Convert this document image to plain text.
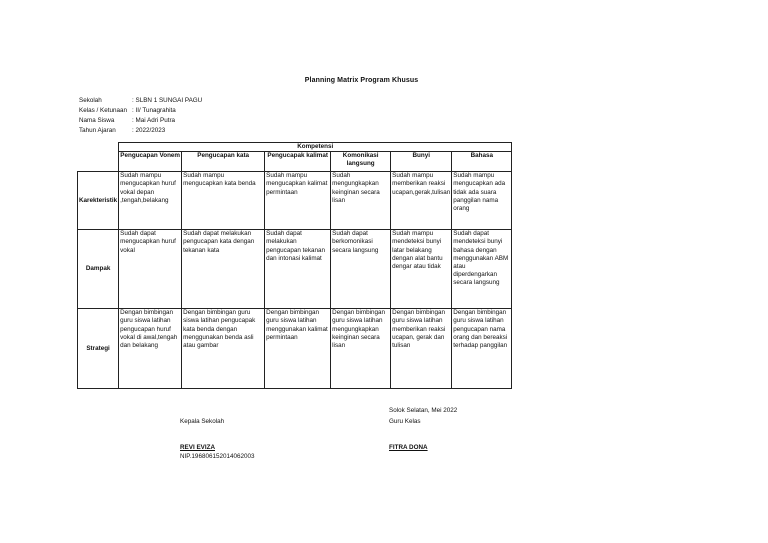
Planning Matrix Program Khusus
Sekolah	: SLBN 1 SUNGAI PAGU
Kelas / Ketunaan : II/ Tunagrahita
Nama Siswa	: Mai Adri Putra
Tahun Ajaran	: 2022/2023
	Kompetensi					
	Pengucapan Vonem	Pengucapan kata	Pengucapak kalimat	Komonikasi langsung	Bunyi	Bahasa
Karekteristik	Sudah mampu mengucapkan huruf vokal depan ,tengah,belakang	Sudah mampu mengucapkan kata benda	Sudah mampu mengucapkan kalimat permintaan	Sudah mengungkapkan keinginan secara lisan	Sudah mampu memberikan reaksi ucapan,gerak,tulisan	Sudah mampu mengucapkan ada tidak ada suara panggilan nama orang
Dampak	Sudah dapat mengucapkan huruf vokal	Sudah dapat melakukan pengucapan kata dengan tekanan kata	Sudah dapat melakukan pengucapan tekanan dan intonasi kalimat	Sudah dapat berkomonikasi secara langsung	Sudah mampu mendeteksi bunyi latar belakang dengan alat bantu dengar atau tidak	Sudah dapat mendeteksi bunyi bahasa dengan menggunakan ABM atau diperdengarkan secara langsung
Strategi	Dengan bimbingan guru siswa latihan pengucapan huruf vokal di awal,tengah dan belakang	Dengan bimbingan guru siswa latihan pengucapak kata benda dengan menggunakan benda asli atau gambar	Dengan bimbingan guru siswa latihan menggunakan kalimat permintaan	Dengan bimbingan guru siswa latihan mengungkapkan keinginan secara lisan	Dengan bimbingan guru siswa latihan memberikan reaksi ucapan, gerak dan tulisan	Dengan bimbingan guru siswa latihan pengucapan nama orang dan bereaksi terhadap panggilan
Solok Selatan, Mei 2022
Kepala Sekolah	Guru Kelas
REVI EVIZA
NIP.196806152014062003
FITRA DONA
